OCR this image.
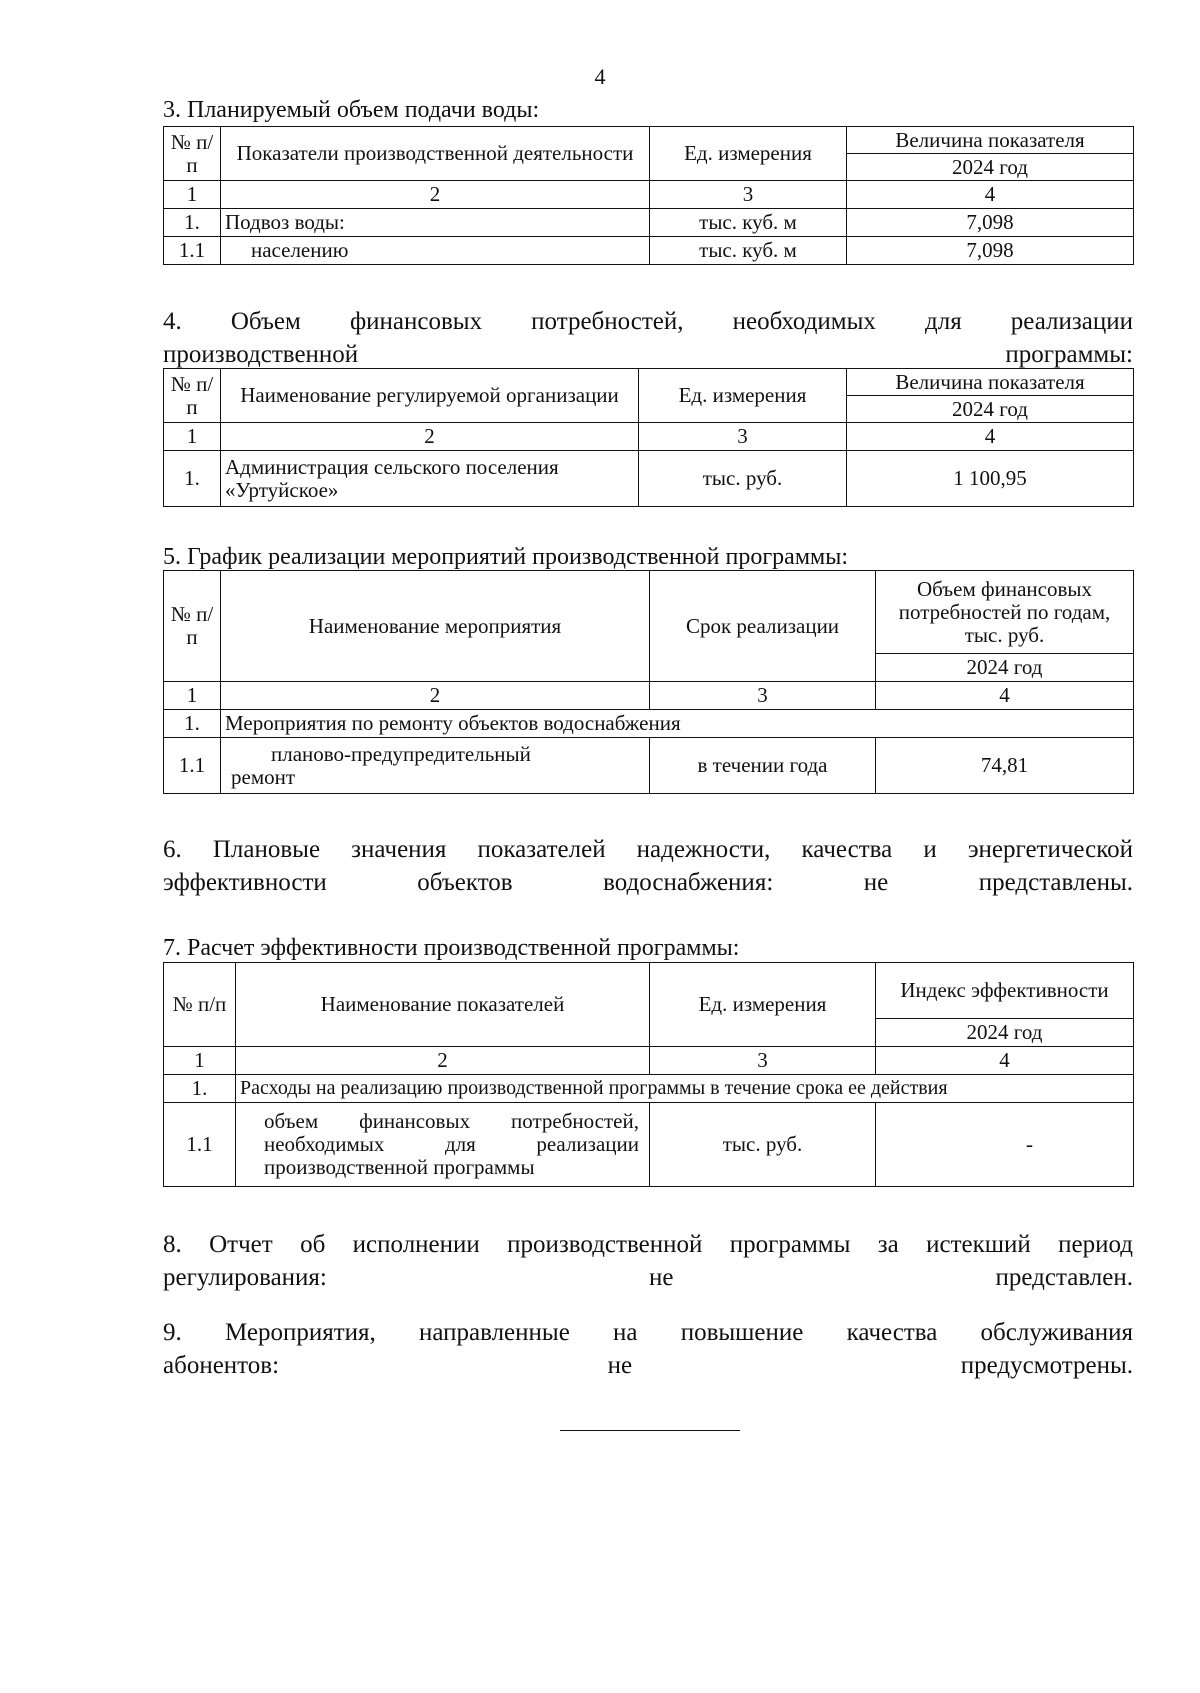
4
3. Планируемый объем подачи воды:
№ п/п	Показатели производственной деятельности	Ед. измерения	Величина показателя
			2024 год
1	2	3	4
1.	Подвоз воды:	тыс. куб. м	7,098
1.1	населению	тыс. куб. м	7,098
4. Объем финансовых потребностей, необходимых для реализации
производственной программы:
№ п/п	Наименование регулируемой организации	Ед. измерения	Величина показателя
			2024 год
1	2	3	4
1.	Администрация сельского поселения «Уртуйское»	тыс. руб.	1 100,95
5. График реализации мероприятий производственной программы:
№ п/п	Наименование мероприятия	Срок реализации	Объем финансовых потребностей по годам, тыс. руб.
			2024 год
1	2	3	4
1.	Мероприятия по ремонту объектов водоснабжения		
1.1	планово-предупредительный ремонт	в течении года	74,81
6. Плановые значения показателей надежности, качества и энергетической
эффективности объектов водоснабжения: не представлены.
7. Расчет эффективности производственной программы:
№ п/п	Наименование показателей	Ед. измерения	Индекс эффективности
			2024 год
1	2	3	4
1.	Расходы на реализацию производственной программы в течение срока ее действия		
1.1	объем финансовых потребностей,
необходимых для реализации
производственной программы	тыс. руб.	-
8. Отчет об исполнении производственной программы за истекший период
регулирования: не представлен.
9. Мероприятия, направленные на повышение качества обслуживания
абонентов: не предусмотрены.
